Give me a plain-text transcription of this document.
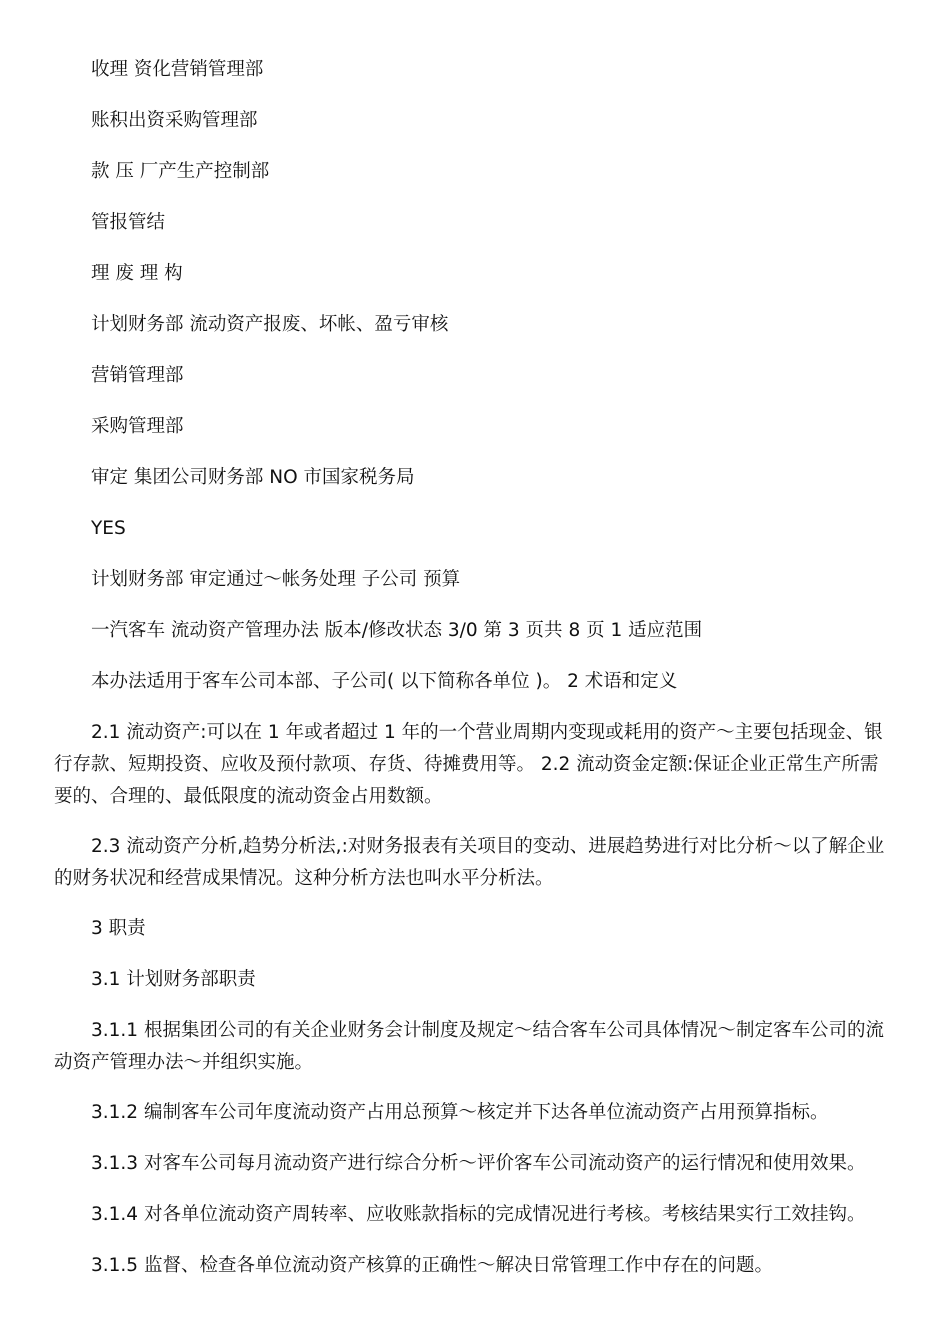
收理 资化营销管理部

账积出资采购管理部

款 压 厂产生产控制部

管报管结

理 废 理 构

计划财务部 流动资产报废、坏帐、盈亏审核

营销管理部

采购管理部

审定 集团公司财务部 NO 市国家税务局

YES

计划财务部 审定通过～帐务处理 子公司 预算

一汽客车 流动资产管理办法 版本/修改状态 3/0 第 3 页共 8 页 1 适应范围

本办法适用于客车公司本部、子公司( 以下简称各单位 )。 2 术语和定义

2.1 流动资产:可以在 1 年或者超过 1 年的一个营业周期内变现或耗用的资产～主要包括现金、银行存款、短期投资、应收及预付款项、存货、待摊费用等。 2.2 流动资金定额:保证企业正常生产所需要的、合理的、最低限度的流动资金占用数额。

2.3 流动资产分析,趋势分析法,:对财务报表有关项目的变动、进展趋势进行对比分析～以了解企业的财务状况和经营成果情况。这种分析方法也叫水平分析法。

3 职责

3.1 计划财务部职责

3.1.1 根据集团公司的有关企业财务会计制度及规定～结合客车公司具体情况～制定客车公司的流动资产管理办法～并组织实施。

3.1.2 编制客车公司年度流动资产占用总预算～核定并下达各单位流动资产占用预算指标。

3.1.3 对客车公司每月流动资产进行综合分析～评价客车公司流动资产的运行情况和使用效果。

3.1.4 对各单位流动资产周转率、应收账款指标的完成情况进行考核。考核结果实行工效挂钩。

3.1.5 监督、检查各单位流动资产核算的正确性～解决日常管理工作中存在的问题。
